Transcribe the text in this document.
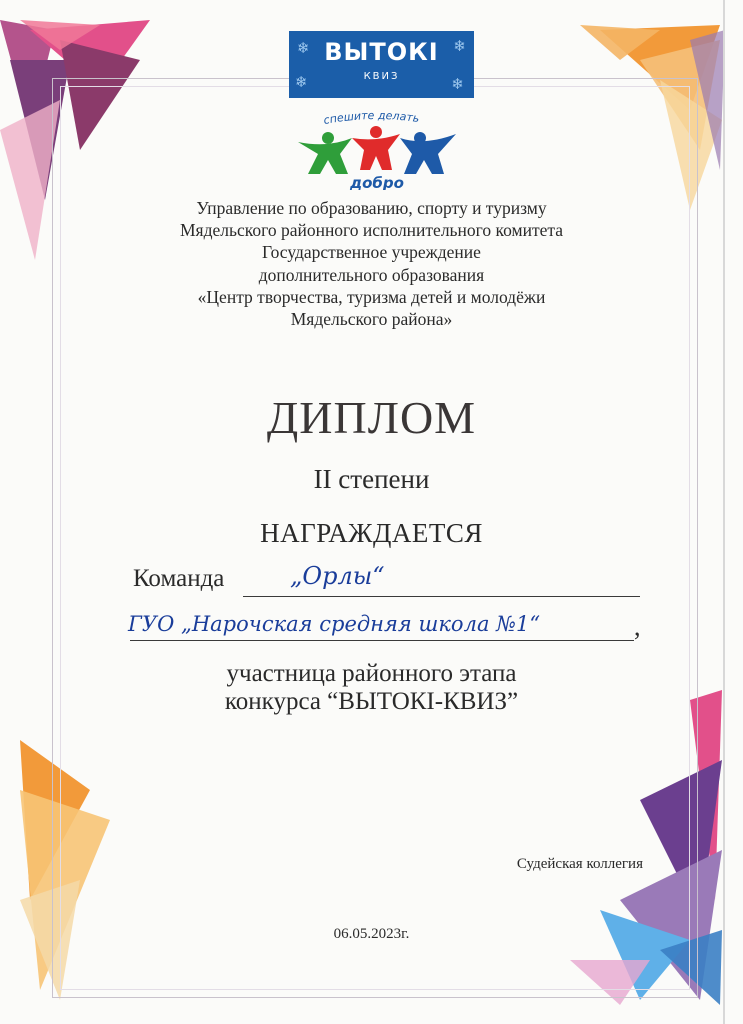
❄	❄
❄	❄
ВЫТОКІ
КВИЗ
спешите делать
добро
Управление по образованию, спорту и туризму
Мядельского районного исполнительного комитета
Государственное учреждение
дополнительного образования
«Центр творчества, туризма детей и молодёжи
Мядельского района»
ДИПЛОМ
II степени
НАГРАЖДАЕТСЯ
Команда	„Орлы“
ГУО „Нарочская средняя школа №1“	,
участница районного этапа
конкурса “ВЫТОКІ-КВИЗ”
Судейская коллегия
06.05.2023г.
